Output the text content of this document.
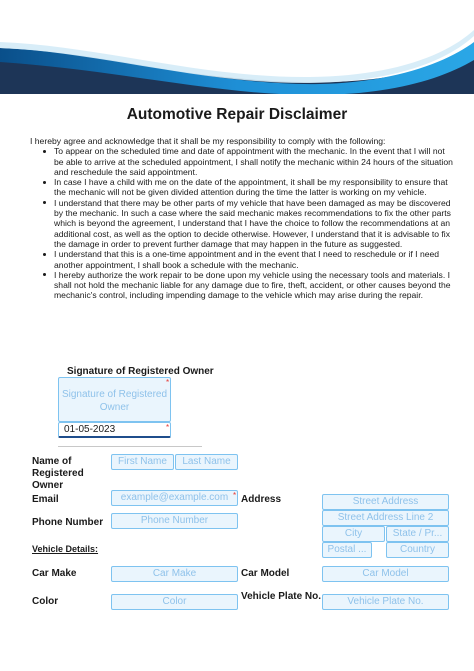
Automotive Repair Disclaimer

I hereby agree and acknowledge that it shall be my responsibility to comply with the following:

To appear on the scheduled time and date of appointment with the mechanic. In the event that I will not be able to arrive at the scheduled appointment, I shall notify the mechanic within 24 hours of the situation and reschedule the said appointment.
In case I have a child with me on the date of the appointment, it shall be my responsibility to ensure that the mechanic will not be given divided attention during the time the latter is working on my vehicle.
I understand that there may be other parts of my vehicle that have been damaged as may be discovered by the mechanic. In such a case where the said mechanic makes recommendations to fix the other parts which is beyond the agreement, I understand that I have the choice to follow the recommendations at an additional cost, as well as the option to decide otherwise. However, I understand that it is advisable to fix the damage in order to prevent further damage that may happen in the future as suggested.
I understand that this is a one-time appointment and in the event that I need to reschedule or if I need another appointment, I shall book a schedule with the mechanic.
I hereby authorize the work repair to be done upon my vehicle using the necessary tools and materials. I shall not hold the mechanic liable for any damage due to fire, theft, accident, or other causes beyond the mechanic's control, including impending damage to the vehicle which may arise during the repair.
Signature of Registered Owner
Signature of Registered Owner
*
01-05-2023	*
Name of Registered Owner
First Name	Last Name
Email	example@example.com * Address	Street Address
Street Address Line 2
City	State / Pr...
Postal ...	Country
Phone Number	Phone Number
Vehicle Details:
Car Make	Car Make	Car Model	Car Model
Color	Color	Vehicle Plate No.	Vehicle Plate No.
